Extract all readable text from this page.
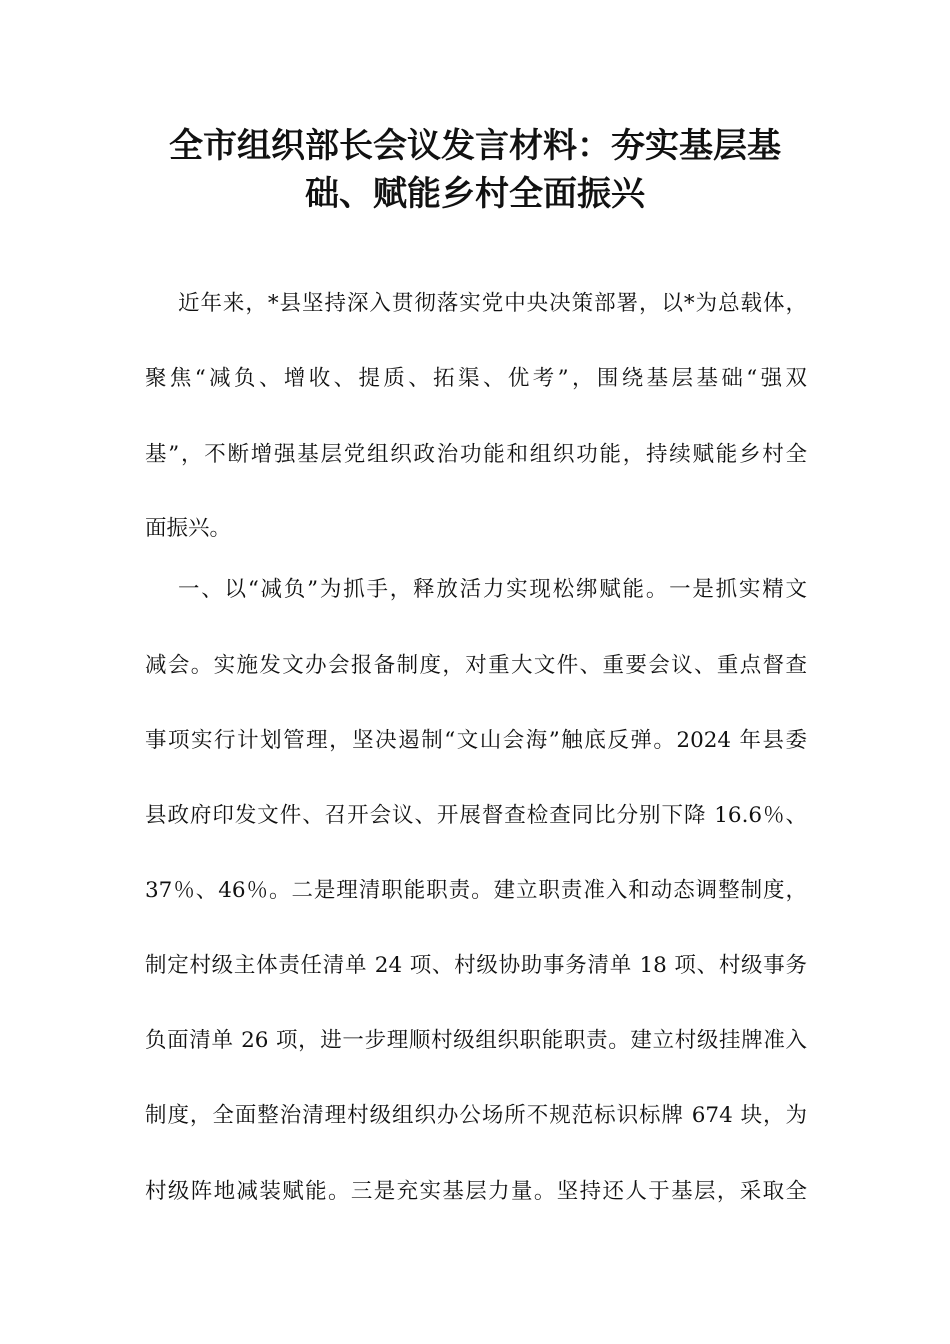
全市组织部长会议发言材料：夯实基层基
础、赋能乡村全面振兴
近年来，*县坚持深入贯彻落实党中央决策部署，以*为总载体，
聚焦“减负、增收、提质、拓渠、优考”，围绕基层基础“强双
基”，不断增强基层党组织政治功能和组织功能，持续赋能乡村全
面振兴。
一、以“减负”为抓手，释放活力实现松绑赋能。一是抓实精文
减会。实施发文办会报备制度，对重大文件、重要会议、重点督查
事项实行计划管理，坚决遏制“文山会海”触底反弹。2024 年县委
县政府印发文件、召开会议、开展督查检查同比分别下降 16.6％、
37％、46％。二是理清职能职责。建立职责准入和动态调整制度，
制定村级主体责任清单 24 项、村级协助事务清单 18 项、村级事务
负面清单 26 项，进一步理顺村级组织职能职责。建立村级挂牌准入
制度，全面整治清理村级组织办公场所不规范标识标牌 674 块，为
村级阵地减装赋能。三是充实基层力量。坚持还人于基层，采取全
